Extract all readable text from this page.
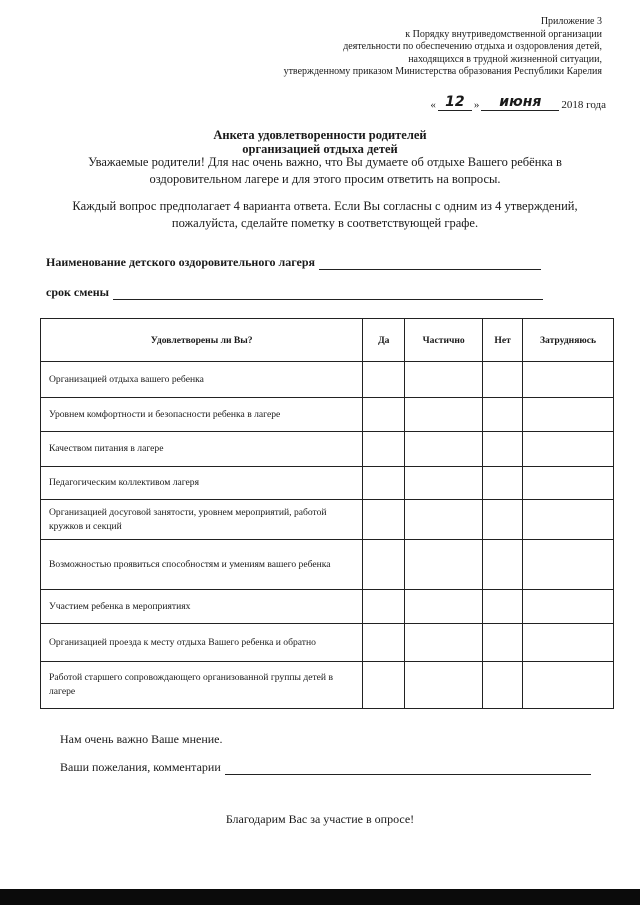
Приложение 3
к Порядку внутриведомственной организации
деятельности по обеспечению отдыха и оздоровления детей,
находящихся в трудной жизненной ситуации,
утвержденному приказом Министерства образования Республики Карелия
« 12 »	июня	2018 года
Анкета удовлетворенности родителей
организацией отдыха детей
Уважаемые родители! Для нас очень важно, что Вы думаете об отдыхе Вашего ребёнка в оздоровительном лагере и для этого просим ответить на вопросы.
Каждый вопрос предполагает 4 варианта ответа. Если Вы согласны с одним из 4 утверждений, пожалуйста, сделайте пометку в соответствующей графе.
Наименование детского оздоровительного лагеря
срок смены
Удовлетворены ли Вы?	Да	Частично	Нет	Затрудняюсь
Организацией отдыха вашего ребенка				
Уровнем комфортности и безопасности ребенка в лагере				
Качеством питания в лагере				
Педагогическим коллективом лагеря				
Организацией досуговой занятости, уровнем мероприятий, работой кружков и секций				
Возможностью проявиться способностям и умениям вашего ребенка				
Участием ребенка в мероприятиях				
Организацией проезда к месту отдыха Вашего ребенка и обратно				
Работой старшего сопровождающего организованной группы детей в лагере				
Нам очень важно Ваше мнение.
Ваши пожелания, комментарии
Благодарим Вас за участие в опросе!
